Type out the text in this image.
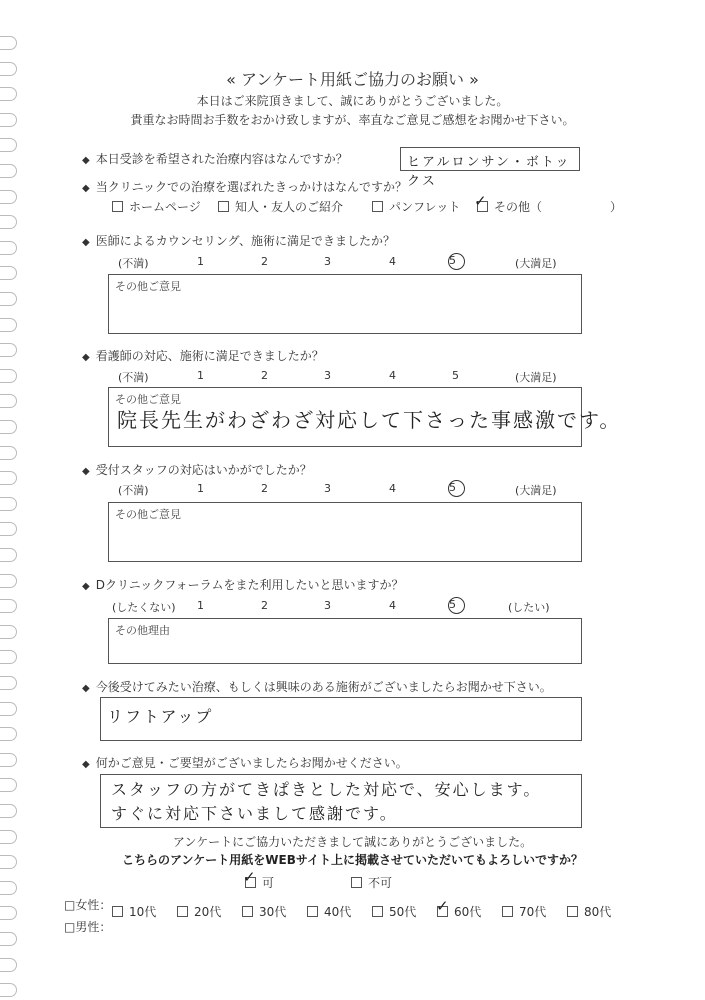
« アンケート用紙ご協力のお願い »
本日はご来院頂きまして、誠にありがとうございました。
貴重なお時間お手数をおかけ致しますが、率直なご意見ご感想をお聞かせ下さい。
◆ 本日受診を希望された治療内容はなんですか？	ヒアルロンサン・ボトックス
◆ 当クリニックでの治療を選ばれたきっかけはなんですか？
ホームページ	知人・友人のご紹介	パンフレット	その他（	）
✓
◆ 医師によるカウンセリング、施術に満足できましたか？
(不満)	1	2	3	4	5	(大満足)
その他ご意見
◆ 看護師の対応、施術に満足できましたか？
(不満)	1	2	3	4	5	(大満足)
その他ご意見
院長先生がわざわざ対応して下さった事感激です。
◆ 受付スタッフの対応はいかがでしたか？
(不満)	1	2	3	4	5	(大満足)
その他ご意見
◆ Dクリニックフォーラムをまた利用したいと思いますか？
(したくない) 1	2	3	4	5	(したい)
その他理由
◆ 今後受けてみたい治療、もしくは興味のある施術がございましたらお聞かせ下さい。
リフトアップ
◆ 何かご意見・ご要望がございましたらお聞かせください。
スタッフの方がてきぱきとした対応で、安心します。
すぐに対応下さいまして感謝です。
アンケートにご協力いただきまして誠にありがとうございました。
こちらのアンケート用紙をWEBサイト上に掲載させていただいてもよろしいですか？
可
✓	不可
□女性：
□男性：
10代	20代	30代	40代	50代	60代
✓	70代	80代
